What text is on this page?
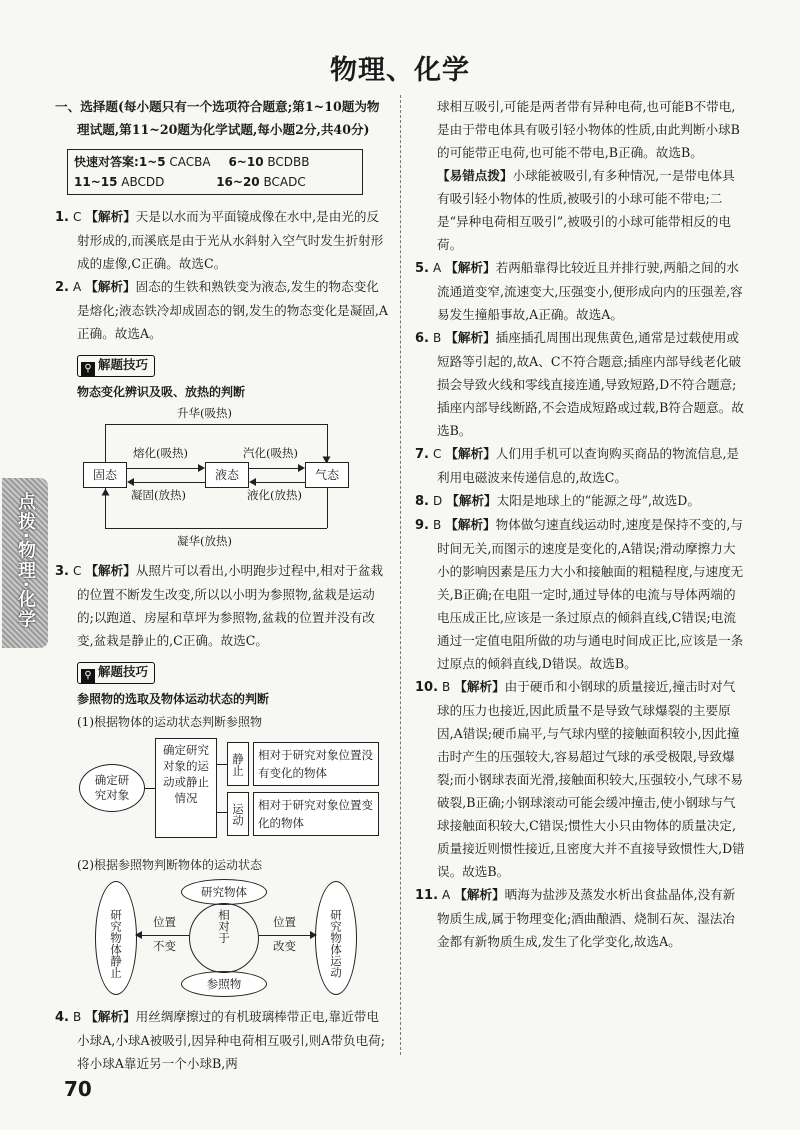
物理、化学
点拨·物理·化学

一、选择题(每小题只有一个选项符合题意;第1~10题为物理试题,第11~20题为化学试题,每小题2分,共40分)

快速对答案:1~5 CACBA 6~10 BCDBB
11~15 ABCDD	16~20 BCADC

1. C 【解析】天是以水而为平面镜成像在水中,是由光的反射形成的,而溪底是由于光从水斜射入空气时发生折射形成的虚像,C正确。故选C。

2. A 【解析】固态的生铁和熟铁变为液态,发生的物态变化是熔化;液态铁冷却成固态的钢,发生的物态变化是凝固,A正确。故选A。

⚲ 解题技巧

物态变化辨识及吸、放热的判断

升华(吸热)
固态	液态	气态
熔化(吸热)
凝固(放热)
汽化(吸热)
液化(放热)
凝华(放热)

3. C 【解析】从照片可以看出,小明跑步过程中,相对于盆栽的位置不断发生改变,所以以小明为参照物,盆栽是运动的;以跑道、房屋和草坪为参照物,盆栽的位置并没有改变,盆栽是静止的,C正确。故选C。

⚲ 解题技巧

参照物的选取及物体运动状态的判断

(1)根据物体的运动状态判断参照物

确定研究对象
确定研究对象的运动或静止情况
静止	相对于研究对象位置没有变化的物体
运动	相对于研究对象位置变化的物体

(2)根据参照物判断物体的运动状态

研究物体静止	研究物体运动
研究物体
参照物
相对于
位置
不变
位置
改变

4. B 【解析】用丝绸摩擦过的有机玻璃棒带正电,靠近带电小球A,小球A被吸引,因异种电荷相互吸引,则A带负电荷;将小球A靠近另一个小球B,两

球相互吸引,可能是两者带有异种电荷,也可能B不带电,是由于带电体具有吸引轻小物体的性质,由此判断小球B的可能带正电荷,也可能不带电,B正确。故选B。

【易错点拨】小球能被吸引,有多种情况,一是带电体具有吸引轻小物体的性质,被吸引的小球可能不带电;二是“异种电荷相互吸引”,被吸引的小球可能带相反的电荷。

5. A 【解析】若两船靠得比较近且并排行驶,两船之间的水流通道变窄,流速变大,压强变小,便形成向内的压强差,容易发生撞船事故,A正确。故选A。

6. B 【解析】插座插孔周围出现焦黄色,通常是过载使用或短路等引起的,故A、C不符合题意;插座内部导线老化破损会导致火线和零线直接连通,导致短路,D不符合题意;插座内部导线断路,不会造成短路或过载,B符合题意。故选B。

7. C 【解析】人们用手机可以查询购买商品的物流信息,是利用电磁波来传递信息的,故选C。

8. D 【解析】太阳是地球上的“能源之母”,故选D。

9. B 【解析】物体做匀速直线运动时,速度是保持不变的,与时间无关,而图示的速度是变化的,A错误;滑动摩擦力大小的影响因素是压力大小和接触面的粗糙程度,与速度无关,B正确;在电阻一定时,通过导体的电流与导体两端的电压成正比,应该是一条过原点的倾斜直线,C错误;电流通过一定值电阻所做的功与通电时间成正比,应该是一条过原点的倾斜直线,D错误。故选B。

10. B 【解析】由于硬币和小钢球的质量接近,撞击时对气球的压力也接近,因此质量不是导致气球爆裂的主要原因,A错误;硬币扁平,与气球内壁的接触面积较小,因此撞击时产生的压强较大,容易超过气球的承受极限,导致爆裂;而小钢球表面光滑,接触面积较大,压强较小,气球不易破裂,B正确;小钢球滚动可能会缓冲撞击,使小钢球与气球接触面积较大,C错误;惯性大小只由物体的质量决定,质量接近则惯性接近,且密度大并不直接导致惯性大,D错误。故选B。

11. A 【解析】晒海为盐涉及蒸发水析出食盐晶体,没有新物质生成,属于物理变化;酒曲酿酒、烧制石灰、湿法冶金都有新物质生成,发生了化学变化,故选A。

70
